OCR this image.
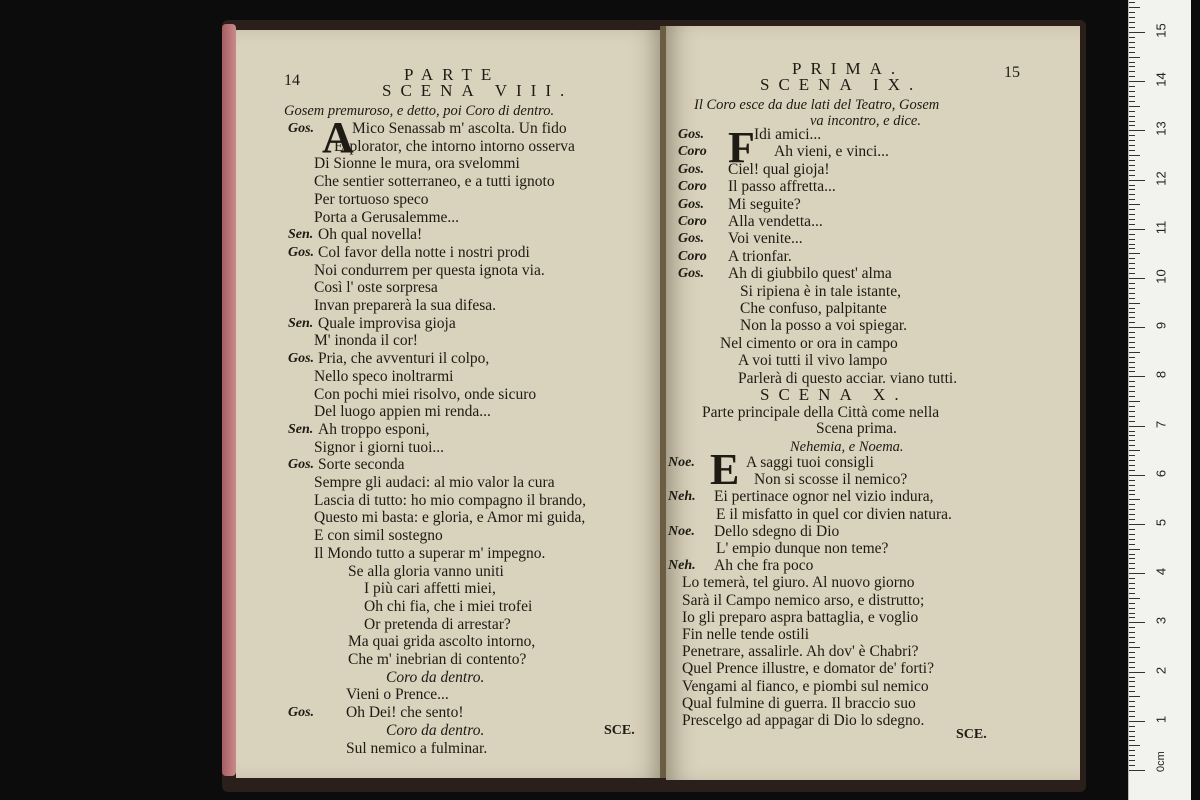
14	PARTE
SCENA VIII.
Gosem premuroso, e detto, poi Coro di dentro.
A
Gos. Mico Senassab m' ascolta. Un fido
Esplorator, che intorno intorno osserva
Di Sionne le mura, ora svelommi
Che sentier sotterraneo, e a tutti ignoto
Per tortuoso speco
Porta a Gerusalemme...
Sen. Oh qual novella!
Gos. Col favor della notte i nostri prodi
Noi condurrem per questa ignota via.
Così l' oste sorpresa
Invan preparerà la sua difesa.
Sen. Quale improvisa gioja
M' inonda il cor!
Gos. Pria, che avventuri il colpo,
Nello speco inoltrarmi
Con pochi miei risolvo, onde sicuro
Del luogo appien mi renda...
Sen. Ah troppo esponi,
Signor i giorni tuoi...
Gos. Sorte seconda
Sempre gli audaci: al mio valor la cura
Lascia di tutto: ho mio compagno il brando,
Questo mi basta: e gloria, e Amor mi guida,
E con simil sostegno
Il Mondo tutto a superar m' impegno.
Se alla gloria vanno uniti
I più cari affetti miei,
Oh chi fia, che i miei trofei
Or pretenda di arrestar?
Ma quai grida ascolto intorno,
Che m' inebrian di contento?
Coro da dentro.
Vieni o Prence...
Gos. Oh Dei! che sento!
Coro da dentro.
Sul nemico a fulminar.
SCE.
PRIMA.	15
SCENA IX.
Il Coro esce da due lati del Teatro, Gosem
va incontro, e dice.
F
Gos.	Idi amici...
Coro	Ah vieni, e vinci...
Gos. Ciel! qual gioja!
Coro Il passo affretta...
Gos. Mi seguite?
Coro Alla vendetta...
Gos. Voi venite...
Coro A trionfar.
Gos. Ah di giubbilo quest' alma
Si ripiena è in tale istante,
Che confuso, palpitante
Non la posso a voi spiegar.
Nel cimento or ora in campo
A voi tutti il vivo lampo
Parlerà di questo acciar. viano tutti.
SCENA X.
Parte principale della Città come nella
Scena prima.
Nehemia, e Noema.
E
Noe.	A saggi tuoi consigli
Non si scosse il nemico?
Neh. Ei pertinace ognor nel vizio indura,
E il misfatto in quel cor divien natura.
Noe. Dello sdegno di Dio
L' empio dunque non teme?
Neh. Ah che fra poco
Lo temerà, tel giuro. Al nuovo giorno
Sarà il Campo nemico arso, e distrutto;
Io gli preparo aspra battaglia, e voglio
Fin nelle tende ostili
Penetrare, assalirle. Ah dov' è Chabri?
Quel Prence illustre, e domator de' forti?
Vengami al fianco, e piombi sul nemico
Qual fulmine di guerra. Il braccio suo
Prescelgo ad appagar di Dio lo sdegno.
SCE.
0cm
1
2
3
4
5
6
7
8
9
10
11
12
13
14
15
